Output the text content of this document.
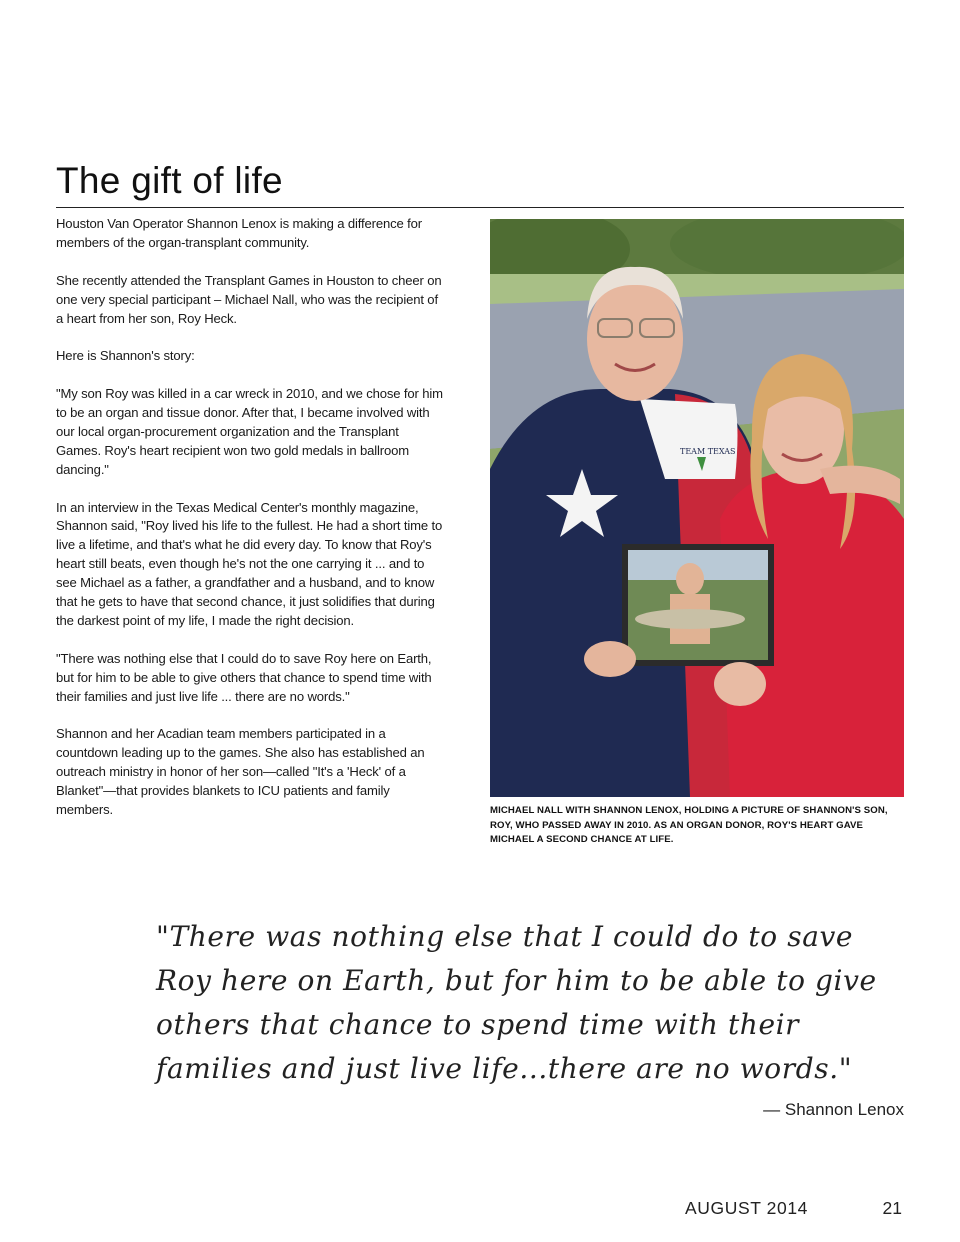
The gift of life

Houston Van Operator Shannon Lenox is making a difference for members of the organ-transplant community.

She recently attended the Transplant Games in Houston to cheer on one very special participant – Michael Nall, who was the recipient of a heart from her son, Roy Heck.

Here is Shannon's story:

"My son Roy was killed in a car wreck in 2010, and we chose for him to be an organ and tissue donor. After that, I became involved with our local organ-procurement organization and the Transplant Games. Roy's heart recipient won two gold medals in ballroom dancing."

In an interview in the Texas Medical Center's monthly magazine, Shannon said, "Roy lived his life to the fullest. He had a short time to live a lifetime, and that's what he did every day. To know that Roy's heart still beats, even though he's not the one carrying it ... and to see Michael as a father, a grandfather and a husband, and to know that he gets to have that second chance, it just solidifies that during the darkest point of my life, I made the right decision.

"There was nothing else that I could do to save Roy here on Earth, but for him to be able to give others that chance to spend time with their families and just live life ... there are no words."

Shannon and her Acadian team members participated in a countdown leading up to the games. She also has established an outreach ministry in honor of her son—called "It's a 'Heck' of a Blanket"—that provides blankets to ICU patients and family members.

TEAM TEXAS
MICHAEL NALL WITH SHANNON LENOX, HOLDING A PICTURE OF SHANNON'S SON, ROY, WHO PASSED AWAY IN 2010. AS AN ORGAN DONOR, ROY'S HEART GAVE MICHAEL A SECOND CHANCE AT LIFE.

"There was nothing else that I could do to save Roy here on Earth, but for him to be able to give others that chance to spend time with their families and just live life...there are no words."

— Shannon Lenox
AUGUST 2014	21
